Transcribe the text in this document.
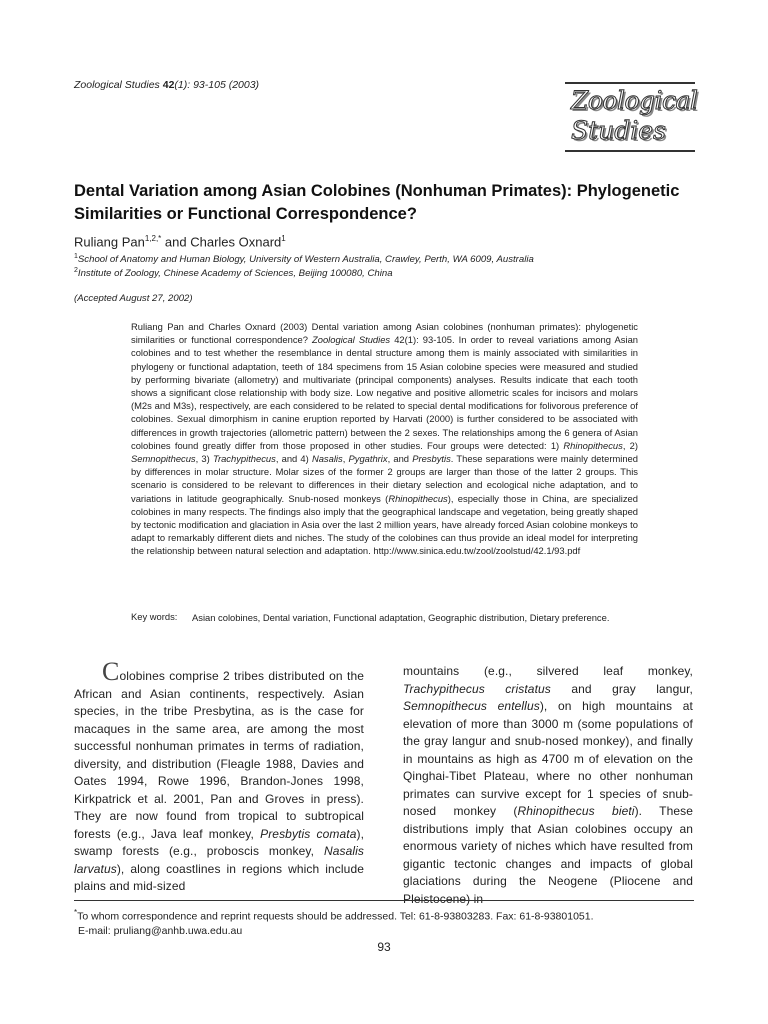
Zoological Studies 42(1): 93-105 (2003)
Zoological
Studies
Dental Variation among Asian Colobines (Nonhuman Primates): Phylogenetic Similarities or Functional Correspondence?
Ruliang Pan$^{1,2,*}$ and Charles Oxnard$^1$
$^1$School of Anatomy and Human Biology, University of Western Australia, Crawley, Perth, WA 6009, Australia
$^2$Institute of Zoology, Chinese Academy of Sciences, Beijing 100080, China
(Accepted August 27, 2002)
Ruliang Pan and Charles Oxnard (2003) Dental variation among Asian colobines (nonhuman primates): phylogenetic similarities or functional correspondence? Zoological Studies 42(1): 93-105. In order to reveal variations among Asian colobines and to test whether the resemblance in dental structure among them is mainly associated with similarities in phylogeny or functional adaptation, teeth of 184 specimens from 15 Asian colobine species were measured and studied by performing bivariate (allometry) and multivariate (principal components) analyses. Results indicate that each tooth shows a significant close relationship with body size. Low negative and positive allometric scales for incisors and molars (M2s and M3s), respectively, are each considered to be related to special dental modifications for folivorous preference of colobines. Sexual dimorphism in canine eruption reported by Harvati (2000) is further considered to be associated with differences in growth trajectories (allometric pattern) between the 2 sexes. The relationships among the 6 genera of Asian colobines found greatly differ from those proposed in other studies. Four groups were detected: 1) Rhinopithecus, 2) Semnopithecus, 3) Trachypithecus, and 4) Nasalis, Pygathrix, and Presbytis. These separations were mainly determined by differences in molar structure. Molar sizes of the former 2 groups are larger than those of the latter 2 groups. This scenario is considered to be relevant to differences in their dietary selection and ecological niche adaptation, and to variations in latitude geographically. Snub-nosed monkeys (Rhinopithecus), especially those in China, are specialized colobines in many respects. The findings also imply that the geographical landscape and vegetation, being greatly shaped by tectonic modification and glaciation in Asia over the last 2 million years, have already forced Asian colobine monkeys to adapt to remarkably different diets and niches. The study of the colobines can thus provide an ideal model for interpreting the relationship between natural selection and adaptation. http://www.sinica.edu.tw/zool/zoolstud/42.1/93.pdf
Key words: Asian colobines, Dental variation, Functional adaptation, Geographic distribution, Dietary preference.
Colobines comprise 2 tribes distributed on the African and Asian continents, respectively. Asian species, in the tribe Presbytina, as is the case for macaques in the same area, are among the most successful nonhuman primates in terms of radiation, diversity, and distribution (Fleagle 1988, Davies and Oates 1994, Rowe 1996, Brandon-Jones 1998, Kirkpatrick et al. 2001, Pan and Groves in press). They are now found from tropical to subtropical forests (e.g., Java leaf monkey, Presbytis comata), swamp forests (e.g., proboscis monkey, Nasalis larvatus), along coastlines in regions which include plains and mid-sized
mountains (e.g., silvered leaf monkey, Trachypithecus cristatus and gray langur, Semnopithecus entellus), on high mountains at elevation of more than 3000 m (some populations of the gray langur and snub-nosed monkey), and finally in mountains as high as 4700 m of elevation on the Qinghai-Tibet Plateau, where no other nonhuman primates can survive except for 1 species of snub-nosed monkey (Rhinopithecus bieti). These distributions imply that Asian colobines occupy an enormous variety of niches which have resulted from gigantic tectonic changes and impacts of global glaciations during the Neogene (Pliocene and Pleistocene) in
*To whom correspondence and reprint requests should be addressed. Tel: 61-8-93803283. Fax: 61-8-93801051.
E-mail: pruliang@anhb.uwa.edu.au
93
